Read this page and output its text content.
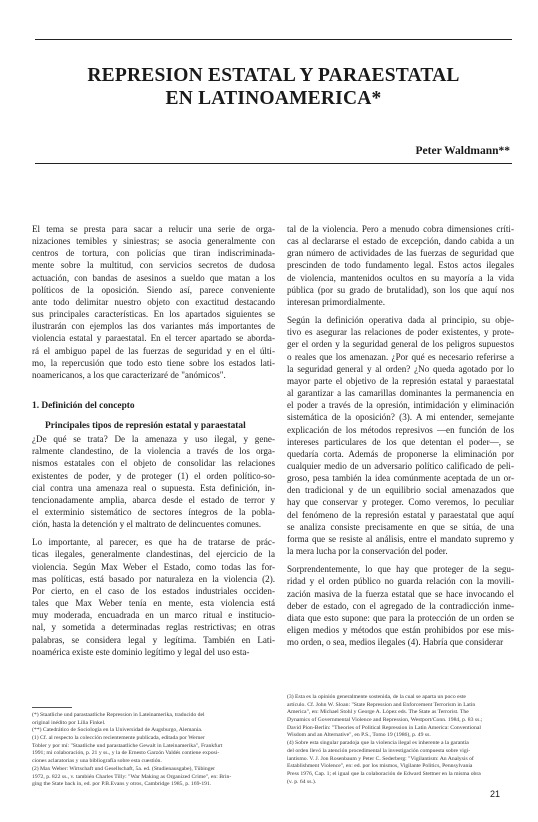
REPRESION ESTATAL Y PARAESTATAL
EN LATINOAMERICA*
Peter Waldmann**
El tema se presta para sacar a relucir una serie de orga-
nizaciones temibles y siniestras; se asocia generalmente con
centros de tortura, con policías que tiran indiscriminada-
mente sobre la multitud, con servicios secretos de dudosa
actuación, con bandas de asesinos a sueldo que matan a los
políticos de la oposición. Siendo así, parece conveniente
ante todo delimitar nuestro objeto con exactitud destacando
sus principales características. En los apartados siguientes se
ilustrarán con ejemplos las dos variantes más importantes de
violencia estatal y paraestatal. En el tercer apartado se aborda-
rá el ambiguo papel de las fuerzas de seguridad y en el últi-
mo, la repercusión que todo esto tiene sobre los estados lati-
noamericanos, a los que caracterizaré de "anómicos".
1. Definición del concepto
Principales tipos de represión estatal y paraestatal
¿De qué se trata? De la amenaza y uso ilegal, y gene-
ralmente clandestino, de la violencia a través de los orga-
nismos estatales con el objeto de consolidar las relaciones
existentes de poder, y de proteger (1) el orden político-so-
cial contra una amenaza real o supuesta. Esta definición, in-
tencionadamente amplia, abarca desde el estado de terror y
el exterminio sistemático de sectores íntegros de la pobla-
ción, hasta la detención y el maltrato de delincuentes comunes.
Lo importante, al parecer, es que ha de tratarse de prác-
ticas ilegales, generalmente clandestinas, del ejercicio de la
violencia. Según Max Weber el Estado, como todas las for-
mas políticas, está basado por naturaleza en la violencia (2).
Por cierto, en el caso de los estados industriales occiden-
tales que Max Weber tenía en mente, esta violencia está
muy moderada, encuadrada en un marco ritual e institucio-
nal, y sometida a determinadas reglas restrictivas; en otras
palabras, se considera legal y legítima. También en Lati-
noamérica existe este dominio legítimo y legal del uso esta-
(*) Staatliche und parastaatliche Repression in Lateinamerika, traducido del
original inédito por Lilia Finkel.
(**) Catedrático de Sociología en la Universidad de Augsburgo, Alemania.
(1) Cf. al respecto la colección recientemente publicada, editada por Werner
Tobler y por mí: "Staatliche und parastaatliche Gewalt in Lateinamerika", Frankfurt
1991; mi colaboración, p. 21 y ss., y la de Ernesto Garzón Valdés contiene exposi-
ciones aclaratorias y una bibliografía sobre esta cuestión.
(2) Max Weber: Wirtschaft und Gesellschaft, 5a. ed. (Studienausgabe), Tübinger
1972, p. 822 ss., v. también Charles Tilly: "War Making as Organized Crime", en: Brin-
ging the State back in, ed. por P.B.Evans y otros, Cambridge 1985, p. 169-191.
tal de la violencia. Pero a menudo cobra dimensiones críti-
cas al declararse el estado de excepción, dando cabida a un
gran número de actividades de las fuerzas de seguridad que
prescinden de todo fundamento legal. Estos actos ilegales
de violencia, mantenidos ocultos en su mayoría a la vida
pública (por su grado de brutalidad), son los que aquí nos
interesan primordialmente.
Según la definición operativa dada al principio, su obje-
tivo es asegurar las relaciones de poder existentes, y prote-
ger el orden y la seguridad general de los peligros supuestos
o reales que los amenazan. ¿Por qué es necesario referirse a
la seguridad general y al orden? ¿No queda agotado por lo
mayor parte el objetivo de la represión estatal y paraestatal
al garantizar a las camarillas dominantes la permanencia en
el poder a través de la opresión, intimidación y eliminación
sistemática de la oposición? (3). A mi entender, semejante
explicación de los métodos represivos —en función de los
intereses particulares de los que detentan el poder—, se
quedaría corta. Además de proponerse la eliminación por
cualquier medio de un adversario político calificado de peli-
groso, pesa también la idea comúnmente aceptada de un or-
den tradicional y de un equilibrio social amenazados que
hay que conservar y proteger. Como veremos, lo peculiar
del fenómeno de la represión estatal y paraestatal que aquí
se analiza consiste precisamente en que se sitúa, de una
forma que se resiste al análisis, entre el mandato supremo y
la mera lucha por la conservación del poder.
Sorprendentemente, lo que hay que proteger de la segu-
ridad y el orden público no guarda relación con la movili-
zación masiva de la fuerza estatal que se hace invocando el
deber de estado, con el agregado de la contradicción inme-
diata que esto supone: que para la protección de un orden se
eligen medios y métodos que están prohibidos por ese mis-
mo orden, o sea, medios ilegales (4). Habría que considerar
(3) Esta es la opinión generalmente sostenida, de la cual se aparta un poco este
artículo. Cf. John W. Sloan: "State Repression and Enforcement Terrorism in Latin
America", en: Michael Stohl y George A. López eds. The State as Terrorist. The
Dynamics of Governmental Violence and Repression, Westport/Conn. 1984, p. 83 ss.;
David Pion-Berlin: "Theories of Political Repression in Latin America: Conventional
Wisdom and an Alternative", en P.S., Tomo 19 (1986), p. 49 ss.
(4) Sobre esta singular paradoja que la violencia ilegal es inherente a la garantía
del orden llevó la atención procedimental la investigación compuesta sobre vigi-
lantismo. V. J. Jon Rosenbaum y Peter C. Sederberg: "Vigilantism: An Analysis of
Establishment Violence", en: ed. por los mismos, Vigilante Politics, Pennsylvania
Press 1976, Cap. 1; el igual que la colaboración de Edward Stettner en la misma obra
(v. p. 64 ss.).
21
